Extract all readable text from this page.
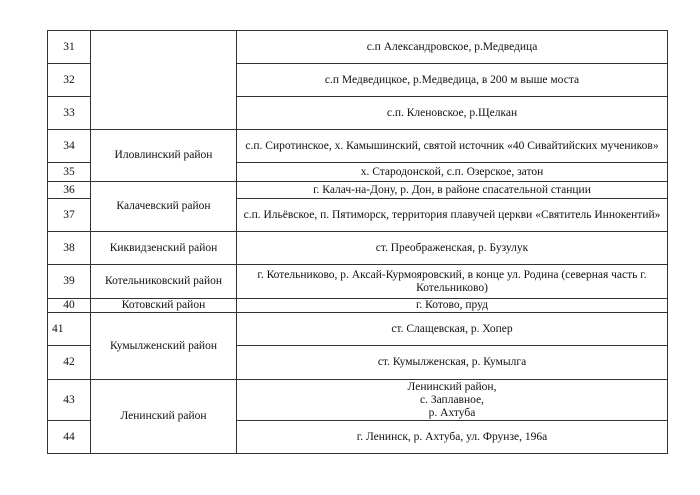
31		с.п Александровское, р.Медведица
32		с.п Медведицкое, р.Медведица, в 200 м выше моста
33		с.п. Кленовское, р.Щелкан
34	Иловлинский район	с.п. Сиротинское, х. Камышинский, святой источник «40 Сивайтийских мучеников»
35		х. Стародонской, с.п. Озерское, затон
36	Калачевский район	г. Калач-на-Дону, р. Дон, в районе спасательной станции
37		с.п. Ильёвское, п. Пятиморск, территория плавучей церкви «Святитель Иннокентий»
38	Киквидзенский район	ст. Преображенская, р. Бузулук
39	Котельниковский район	г. Котельниково, р. Аксай-Курмояровский, в конце ул. Родина (северная часть г. Котельниково)
40	Котовский район	г. Котово, пруд
41	Кумылженский район	ст. Слащевская, р. Хопер
42		ст. Кумылженская, р. Кумылга
43	Ленинский район	Ленинский район,
с. Заплавное,
р. Ахтуба
44		г. Ленинск, р. Ахтуба, ул. Фрунзе, 196а
